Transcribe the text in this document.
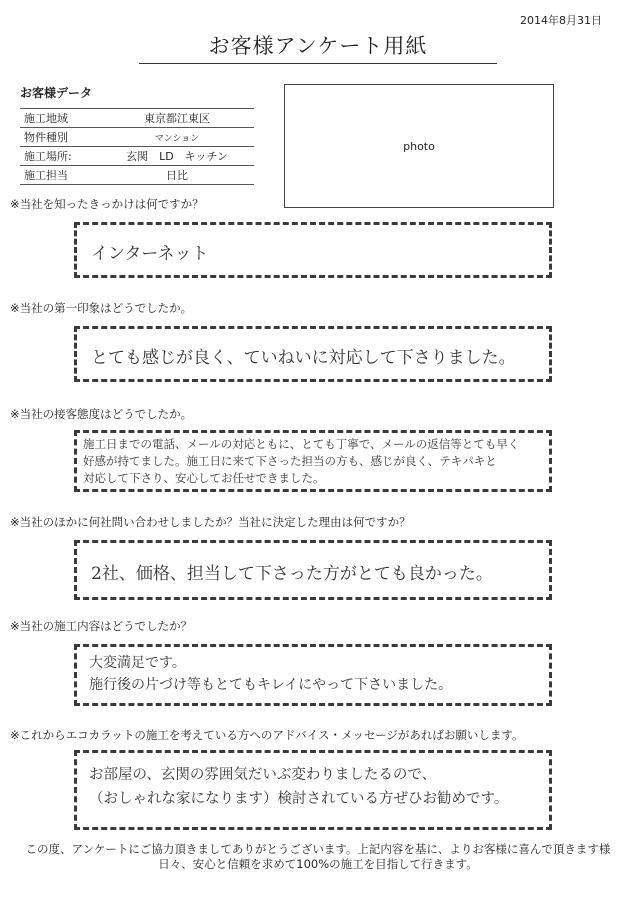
2014年8月31日
お客様アンケート用紙
お客様データ
施工地域	東京都江東区
物件種別	マンション
施工場所:	玄関　LD　キッチン
施工担当	日比
photo
※当社を知ったきっかけは何ですか？
インターネット
※当社の第一印象はどうでしたか。
とても感じが良く、ていねいに対応して下さりました。
※当社の接客態度はどうでしたか。
施工日までの電話、メールの対応ともに、とても丁寧で、メールの返信等とても早く
好感が持てました。施工日に来て下さった担当の方も、感じが良く、テキパキと
対応して下さり、安心してお任せできました。
※当社のほかに何社問い合わせしましたか？当社に決定した理由は何ですか？
2社、価格、担当して下さった方がとても良かった。
※当社の施工内容はどうでしたか？
大変満足です。
施行後の片づけ等もとてもキレイにやって下さいました。
※これからエコカラットの施工を考えている方へのアドバイス・メッセージがあればお願いします。
お部屋の、玄関の雰囲気だいぶ変わりましたるので、
（おしゃれな家になります）検討されている方ぜひお勧めです。
この度、アンケートにご協力頂きましてありがとうございます。上記内容を基に、よりお客様に喜んで頂きます様
日々、安心と信頼を求めて100%の施工を目指して行きます。
